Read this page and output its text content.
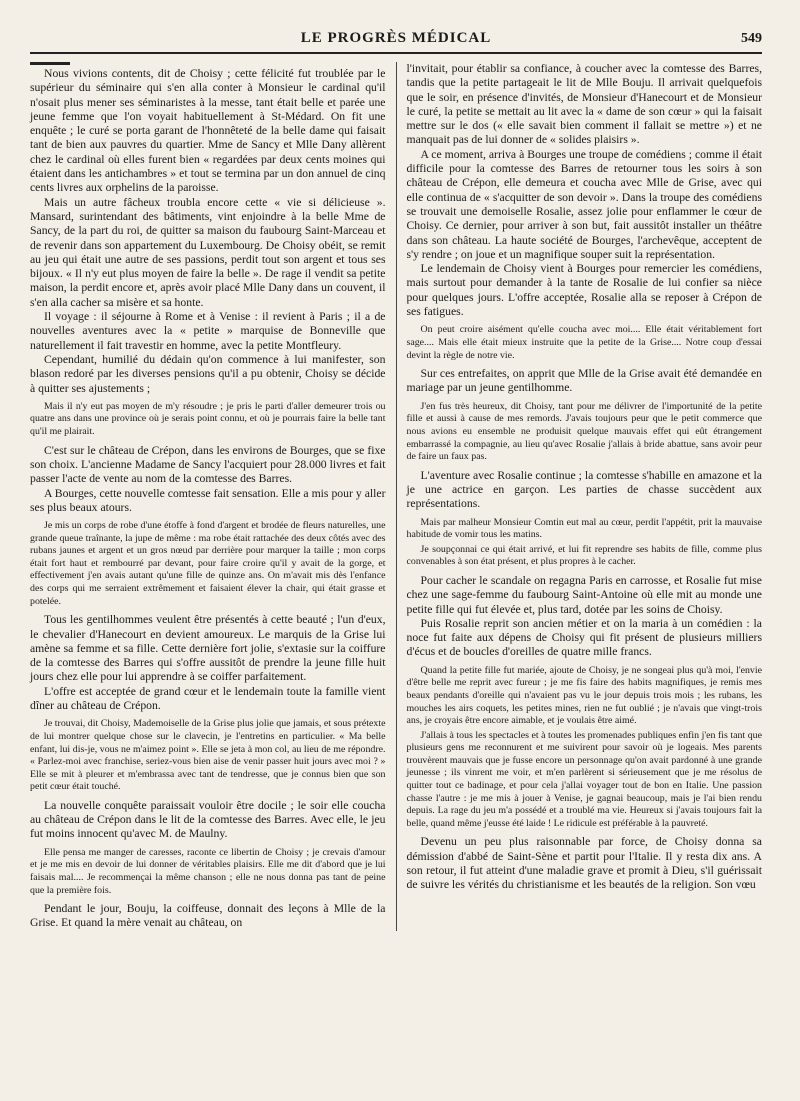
LE PROGRÈS MÉDICAL	549

Nous vivions contents, dit de Choisy ; cette félicité fut troublée par le supérieur du séminaire qui s'en alla conter à Monsieur le cardinal qu'il n'osait plus mener ses séminaristes à la messe, tant était belle et parée une jeune femme que l'on voyait habituellement à St-Médard. On fit une enquête ; le curé se porta garant de l'honnêteté de la belle dame qui faisait tant de bien aux pauvres du quartier. Mme de Sancy et Mlle Dany allèrent chez le cardinal où elles furent bien « regardées par deux cents moines qui étaient dans les antichambres » et tout se termina par un don annuel de cinq cents livres aux orphelins de la paroisse.

Mais un autre fâcheux troubla encore cette « vie si délicieuse ». Mansard, surintendant des bâtiments, vint enjoindre à la belle Mme de Sancy, de la part du roi, de quitter sa maison du faubourg Saint-Marceau et de revenir dans son appartement du Luxembourg. De Choisy obéit, se remit au jeu qui était une autre de ses passions, perdit tout son argent et tous ses bijoux. « Il n'y eut plus moyen de faire la belle ». De rage il vendit sa petite maison, la perdit encore et, après avoir placé Mlle Dany dans un couvent, il s'en alla cacher sa misère et sa honte.

Il voyage : il séjourne à Rome et à Venise : il revient à Paris ; il a de nouvelles aventures avec la « petite » marquise de Bonneville que naturellement il fait travestir en homme, avec la petite Montfleury.

Cependant, humilié du dédain qu'on commence à lui manifester, son blason redoré par les diverses pensions qu'il a pu obtenir, Choisy se décide à quitter ses ajustements ;

Mais il n'y eut pas moyen de m'y résoudre ; je pris le parti d'aller demeurer trois ou quatre ans dans une province où je serais point connu, et où je pourrais faire la belle tant qu'il me plairait.

C'est sur le château de Crépon, dans les environs de Bourges, que se fixe son choix. L'ancienne Madame de Sancy l'acquiert pour 28.000 livres et fait passer l'acte de vente au nom de la comtesse des Barres.

A Bourges, cette nouvelle comtesse fait sensation. Elle a mis pour y aller ses plus beaux atours.

Je mis un corps de robe d'une étoffe à fond d'argent et brodée de fleurs naturelles, une grande queue traînante, la jupe de même : ma robe était rattachée des deux côtés avec des rubans jaunes et argent et un gros nœud par derrière pour marquer la taille ; mon corps était fort haut et rembourré par devant, pour faire croire qu'il y avait de la gorge, et effectivement j'en avais autant qu'une fille de quinze ans. On m'avait mis dès l'enfance des corps qui me serraient extrêmement et faisaient élever la chair, qui était grasse et potelée.

Tous les gentilhommes veulent être présentés à cette beauté ; l'un d'eux, le chevalier d'Hanecourt en devient amoureux. Le marquis de la Grise lui amène sa femme et sa fille. Cette dernière fort jolie, s'extasie sur la coiffure de la comtesse des Barres qui s'offre aussitôt de prendre la jeune fille huit jours chez elle pour lui apprendre à se coiffer parfaitement.

L'offre est acceptée de grand cœur et le lendemain toute la famille vient dîner au château de Crépon.

Je trouvai, dit Choisy, Mademoiselle de la Grise plus jolie que jamais, et sous prétexte de lui montrer quelque chose sur le clavecin, je l'entretins en particulier. « Ma belle enfant, lui dis-je, vous ne m'aimez point ». Elle se jeta à mon col, au lieu de me répondre. « Parlez-moi avec franchise, seriez-vous bien aise de venir passer huit jours avec moi ? » Elle se mit à pleurer et m'embrassa avec tant de tendresse, que je connus bien que son petit cœur était touché.

La nouvelle conquête paraissait vouloir être docile ; le soir elle coucha au château de Crépon dans le lit de la comtesse des Barres. Avec elle, le jeu fut moins innocent qu'avec M. de Maulny.

Elle pensa me manger de caresses, raconte ce libertin de Choisy ; je crevais d'amour et je me mis en devoir de lui donner de véritables plaisirs. Elle me dit d'abord que je lui faisais mal.... Je recommençai la même chanson ; elle ne nous donna pas tant de peine que la première fois.

Pendant le jour, Bouju, la coiffeuse, donnait des leçons à Mlle de la Grise. Et quand la mère venait au château, on

l'invitait, pour établir sa confiance, à coucher avec la comtesse des Barres, tandis que la petite partageait le lit de Mlle Bouju. Il arrivait quelquefois que le soir, en présence d'invités, de Monsieur d'Hanecourt et de Monsieur le curé, la petite se mettait au lit avec la « dame de son cœur » qui la faisait mettre sur le dos (« elle savait bien comment il fallait se mettre ») et ne manquait pas de lui donner de « solides plaisirs ».

A ce moment, arriva à Bourges une troupe de comédiens ; comme il était difficile pour la comtesse des Barres de retourner tous les soirs à son château de Crépon, elle demeura et coucha avec Mlle de Grise, avec qui elle continua de « s'acquitter de son devoir ». Dans la troupe des comédiens se trouvait une demoiselle Rosalie, assez jolie pour enflammer le cœur de Choisy. Ce dernier, pour arriver à son but, fait aussitôt installer un théâtre dans son château. La haute société de Bourges, l'archevêque, acceptent de s'y rendre ; on joue et un magnifique souper suit la représentation.

Le lendemain de Choisy vient à Bourges pour remercier les comédiens, mais surtout pour demander à la tante de Rosalie de lui confier sa nièce pour quelques jours. L'offre acceptée, Rosalie alla se reposer à Crépon de ses fatigues.

On peut croire aisément qu'elle coucha avec moi.... Elle était véritablement fort sage.... Mais elle était mieux instruite que la petite de la Grise.... Notre coup d'essai devint la règle de notre vie.

Sur ces entrefaites, on apprit que Mlle de la Grise avait été demandée en mariage par un jeune gentilhomme.

J'en fus très heureux, dit Choisy, tant pour me délivrer de l'importunité de la petite fille et aussi à cause de mes remords. J'avais toujours peur que le petit commerce que nous avions eu ensemble ne produisit quelque mauvais effet qui eût étrangement embarrassé la compagnie, au lieu qu'avec Rosalie j'allais à bride abattue, sans avoir peur de faire un faux pas.

L'aventure avec Rosalie continue ; la comtesse s'habille en amazone et la je une actrice en garçon. Les parties de chasse succèdent aux représentations.

Mais par malheur Monsieur Comtin eut mal au cœur, perdit l'appétit, prit la mauvaise habitude de vomir tous les matins.

Je soupçonnai ce qui était arrivé, et lui fit reprendre ses habits de fille, comme plus convenables à son état présent, et plus propres à le cacher.

Pour cacher le scandale on regagna Paris en carrosse, et Rosalie fut mise chez une sage-femme du faubourg Saint-Antoine où elle mit au monde une petite fille qui fut élevée et, plus tard, dotée par les soins de Choisy.

Puis Rosalie reprit son ancien métier et on la maria à un comédien : la noce fut faite aux dépens de Choisy qui fit présent de plusieurs milliers d'écus et de boucles d'oreilles de quatre mille francs.

Quand la petite fille fut mariée, ajoute de Choisy, je ne songeai plus qu'à moi, l'envie d'être belle me reprit avec fureur ; je me fis faire des habits magnifiques, je remis mes beaux pendants d'oreille qui n'avaient pas vu le jour depuis trois mois ; les rubans, les mouches les airs coquets, les petites mines, rien ne fut oublié ; je n'avais que vingt-trois ans, je croyais être encore aimable, et je voulais être aimé.

J'allais à tous les spectacles et à toutes les promenades publiques enfin j'en fis tant que plusieurs gens me reconnurent et me suivirent pour savoir où je logeais. Mes parents trouvèrent mauvais que je fusse encore un personnage qu'on avait pardonné à une grande jeunesse ; ils vinrent me voir, et m'en parlèrent si sérieusement que je me résolus de quitter tout ce badinage, et pour cela j'allai voyager tout de bon en Italie. Une passion chasse l'autre : je me mis à jouer à Venise, je gagnai beaucoup, mais je l'ai bien rendu depuis. La rage du jeu m'a possédé et a troublé ma vie. Heureux si j'avais toujours fait la belle, quand même j'eusse été laide ! Le ridicule est préférable à la pauvreté.

Devenu un peu plus raisonnable par force, de Choisy donna sa démission d'abbé de Saint-Sène et partit pour l'Italie. Il y resta dix ans. A son retour, il fut atteint d'une maladie grave et promit à Dieu, s'il guérissait de suivre les vérités du christianisme et les beautés de la religion. Son vœu
